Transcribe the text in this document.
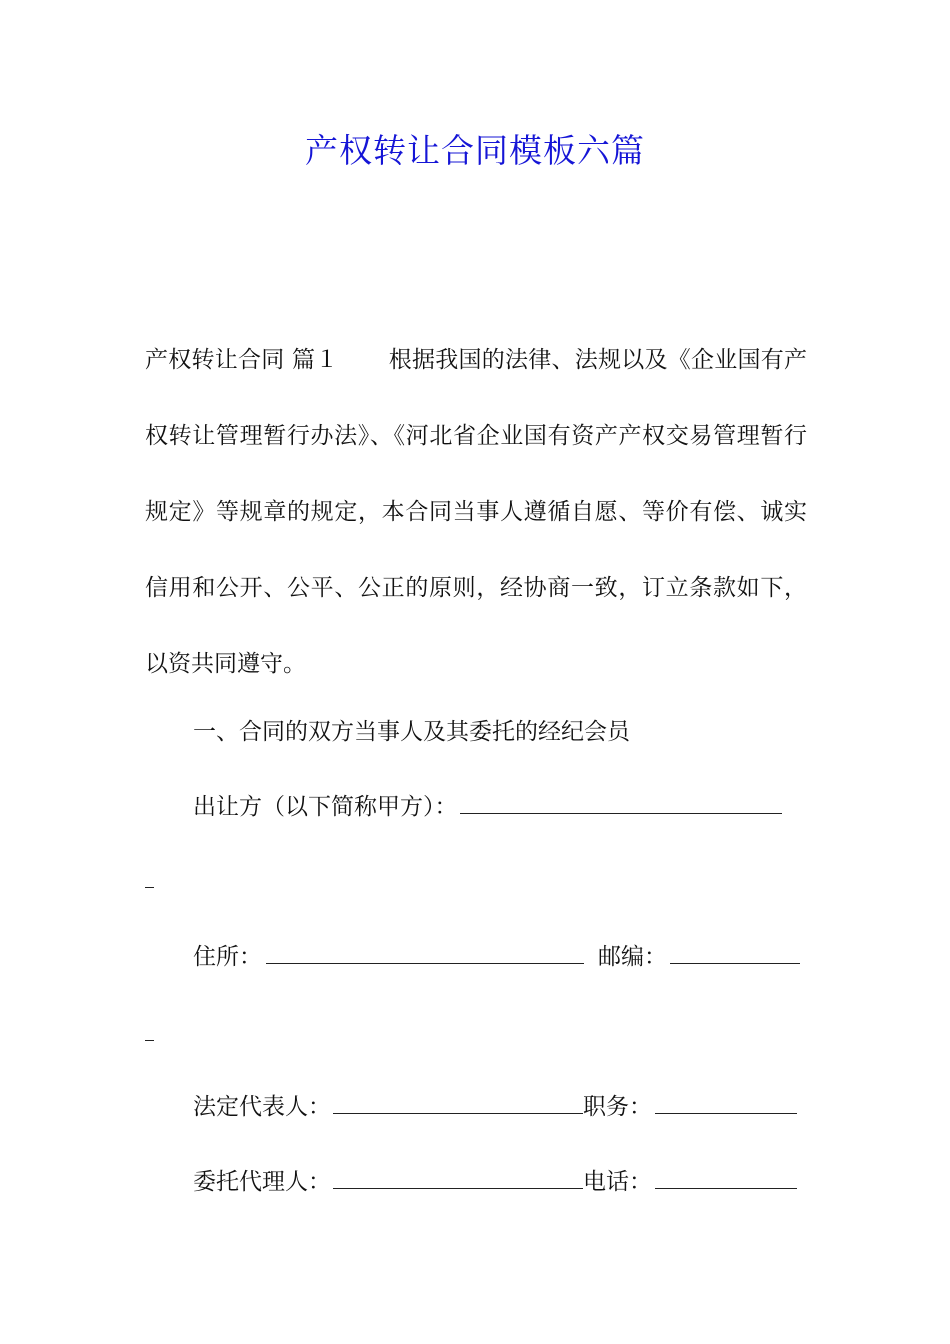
产权转让合同模板六篇
产权转让合同 篇１ 根据我国的法律、法规以及《企业国有产权转让管理暂行办法》、《河北省企业国有资产产权交易管理暂行规定》等规章的规定，本合同当事人遵循自愿、等价有偿、诚实信用和公开、公平、公正的原则，经协商一致，订立条款如下，以资共同遵守。
一、合同的双方当事人及其委托的经纪会员
出让方（以下简称甲方）：
住所：	邮编：
法定代表人：	职务：
委托代理人：	电话：
